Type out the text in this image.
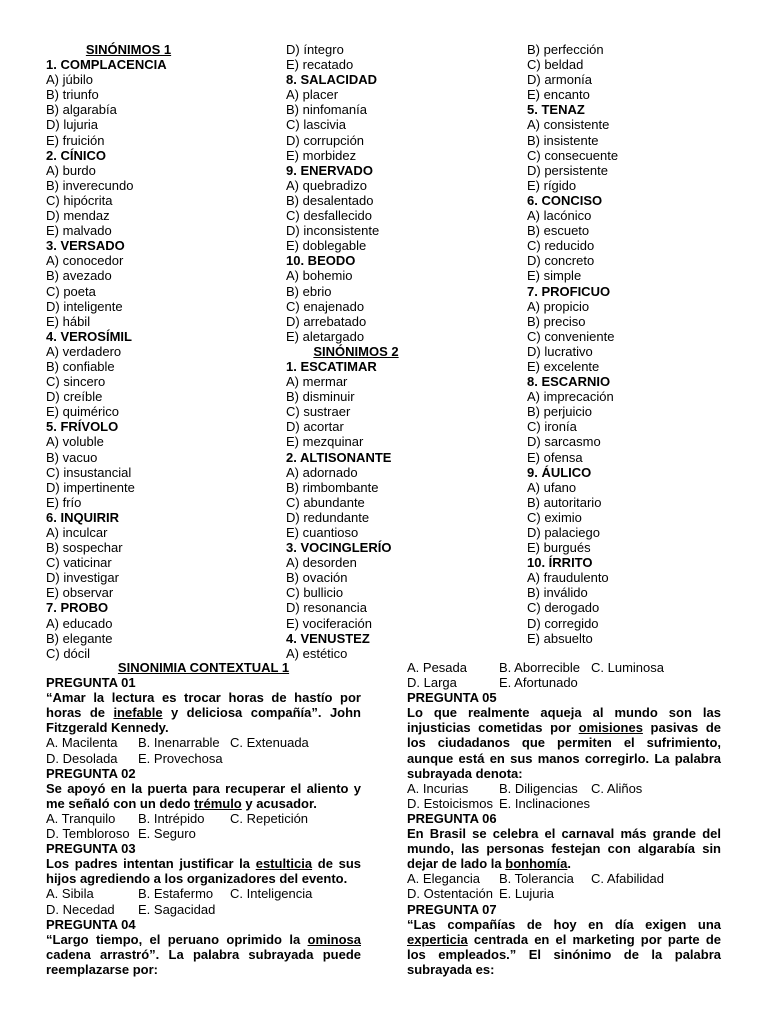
SINÓNIMOS 1
1. COMPLACENCIA
A) júbilo
B) triunfo
B) algarabía
D) lujuria
E) fruición
2. CÍNICO
A) burdo
B) inverecundo
C) hipócrita
D) mendaz
E) malvado
3. VERSADO
A) conocedor
B) avezado
C) poeta
D) inteligente
E) hábil
4. VEROSÍMIL
A) verdadero
B) confiable
C) sincero
D) creíble
E) quimérico
5. FRÍVOLO
A) voluble
B) vacuo
C) insustancial
D) impertinente
E) frío
6. INQUIRIR
A) inculcar
B) sospechar
C) vaticinar
D) investigar
E) observar
7. PROBO
A) educado
B) elegante
C) dócil
D) íntegro
E) recatado
8. SALACIDAD
A) placer
B) ninfomanía
C) lascivia
D) corrupción
E) morbidez
9. ENERVADO
A) quebradizo
B) desalentado
C) desfallecido
D) inconsistente
E) doblegable
10. BEODO
A) bohemio
B) ebrio
C) enajenado
D) arrebatado
E) aletargado
SINÓNIMOS 2
1. ESCATIMAR
A) mermar
B) disminuir
C) sustraer
D) acortar
E) mezquinar
2. ALTISONANTE
A) adornado
B) rimbombante
C) abundante
D) redundante
E) cuantioso
3. VOCINGLERÍO
A) desorden
B) ovación
C) bullicio
D) resonancia
E) vociferación
4. VENUSTEZ
A) estético
B) perfección
C) beldad
D) armonía
E) encanto
5. TENAZ
A) consistente
B) insistente
C) consecuente
D) persistente
E) rígido
6. CONCISO
A) lacónico
B) escueto
C) reducido
D) concreto
E) simple
7. PROFICUO
A) propicio
B) preciso
C) conveniente
D) lucrativo
E) excelente
8. ESCARNIO
A) imprecación
B) perjuicio
C) ironía
D) sarcasmo
E) ofensa
9. ÁULICO
A) ufano
B) autoritario
C) eximio
D) palaciego
E) burgués
10. ÍRRITO
A) fraudulento
B) inválido
C) derogado
D) corregido
E) absuelto
SINONIMIA CONTEXTUAL 1
PREGUNTA 01
“Amar la lectura es trocar horas de hastío por horas de inefable y deliciosa compañía”. John Fitzgerald Kennedy.
A. Macilenta	B. Inenarrable C. Extenuada
D. Desolada	E. Provechosa
PREGUNTA 02
Se apoyó en la puerta para recuperar el aliento y me señaló con un dedo trémulo y acusador.
A. Tranquilo	B. Intrépido	C. Repetición
D. Tembloroso E. Seguro
PREGUNTA 03
Los padres intentan justificar la estulticia de sus hijos agrediendo a los organizadores del evento.
A. Sibila	B. Estafermo	C. Inteligencia
D. Necedad	E. Sagacidad
PREGUNTA 04
“Largo tiempo, el peruano oprimido la ominosa cadena arrastró”. La palabra subrayada puede reemplazarse por:
A. Pesada	B. Aborrecible C. Luminosa
D. Larga	E. Afortunado
PREGUNTA 05
Lo que realmente aqueja al mundo son las injusticias cometidas por omisiones pasivas de los ciudadanos que permiten el sufrimiento, aunque está en sus manos corregirlo. La palabra subrayada denota:
A. Incurias	B. Diligencias	C. Aliños
D. Estoicismos E. Inclinaciones
PREGUNTA 06
En Brasil se celebra el carnaval más grande del mundo, las personas festejan con algarabía sin dejar de lado la bonhomía.
A. Elegancia	B. Tolerancia	C. Afabilidad
D. Ostentación E. Lujuria
PREGUNTA 07
“Las compañías de hoy en día exigen una experticia centrada en el marketing por parte de los empleados.” El sinónimo de la palabra subrayada es:
